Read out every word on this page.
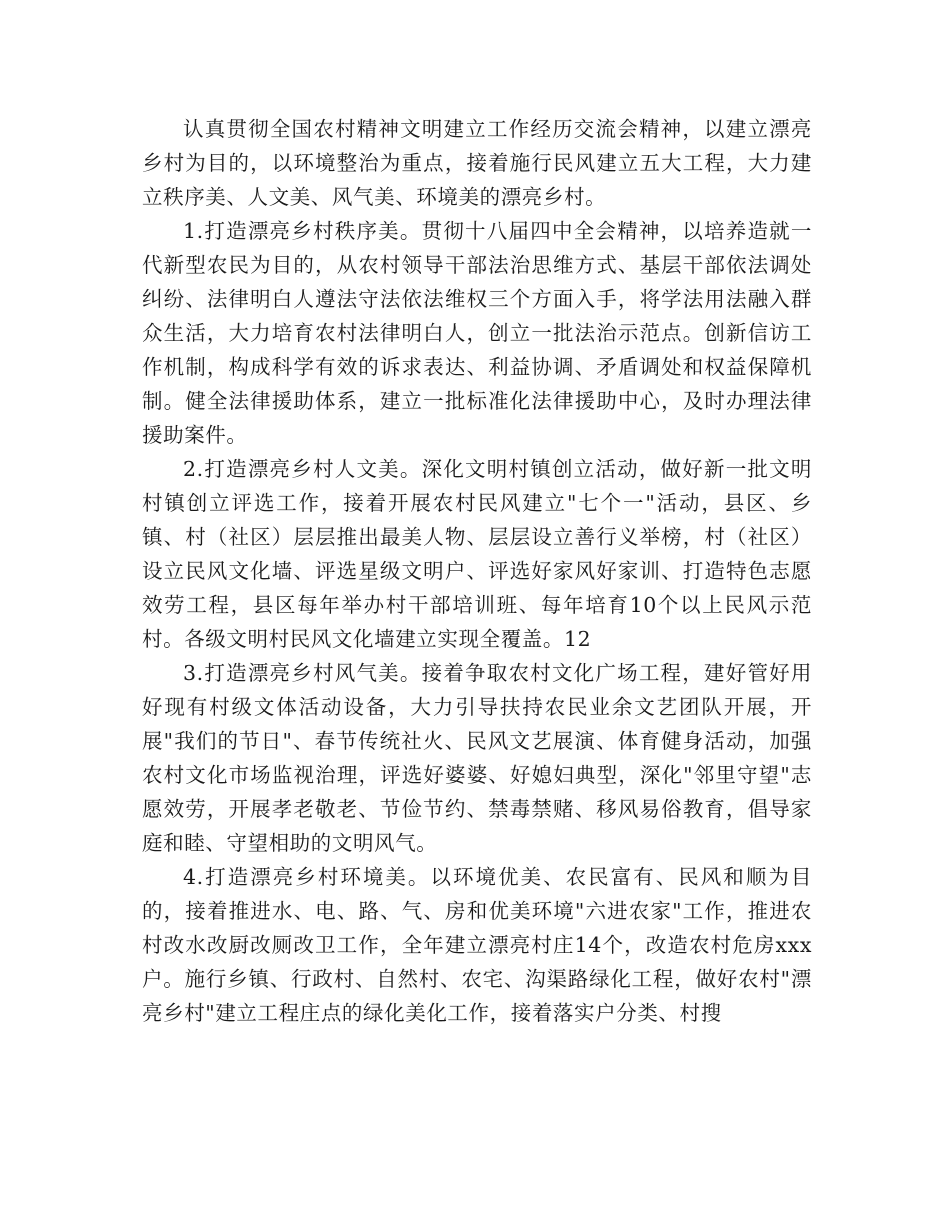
认真贯彻全国农村精神文明建立工作经历交流会精神，以建立漂亮乡村为目的，以环境整治为重点，接着施行民风建立五大工程，大力建立秩序美、人文美、风气美、环境美的漂亮乡村。

1.打造漂亮乡村秩序美。贯彻十八届四中全会精神，以培养造就一代新型农民为目的，从农村领导干部法治思维方式、基层干部依法调处纠纷、法律明白人遵法守法依法维权三个方面入手，将学法用法融入群众生活，大力培育农村法律明白人，创立一批法治示范点。创新信访工作机制，构成科学有效的诉求表达、利益协调、矛盾调处和权益保障机制。健全法律援助体系，建立一批标准化法律援助中心，及时办理法律援助案件。

2.打造漂亮乡村人文美。深化文明村镇创立活动，做好新一批文明村镇创立评选工作，接着开展农村民风建立"七个一"活动，县区、乡镇、村（社区）层层推出最美人物、层层设立善行义举榜，村（社区）设立民风文化墙、评选星级文明户、评选好家风好家训、打造特色志愿效劳工程，县区每年举办村干部培训班、每年培育10个以上民风示范村。各级文明村民风文化墙建立实现全覆盖。12

3.打造漂亮乡村风气美。接着争取农村文化广场工程，建好管好用好现有村级文体活动设备，大力引导扶持农民业余文艺团队开展，开展"我们的节日"、春节传统社火、民风文艺展演、体育健身活动，加强农村文化市场监视治理，评选好婆婆、好媳妇典型，深化"邻里守望"志愿效劳，开展孝老敬老、节俭节约、禁毒禁赌、移风易俗教育，倡导家庭和睦、守望相助的文明风气。

4.打造漂亮乡村环境美。以环境优美、农民富有、民风和顺为目的，接着推进水、电、路、气、房和优美环境"六进农家"工作，推进农村改水改厨改厕改卫工作，全年建立漂亮村庄14个，改造农村危房xxx户。施行乡镇、行政村、自然村、农宅、沟渠路绿化工程，做好农村"漂亮乡村"建立工程庄点的绿化美化工作，接着落实户分类、村搜
